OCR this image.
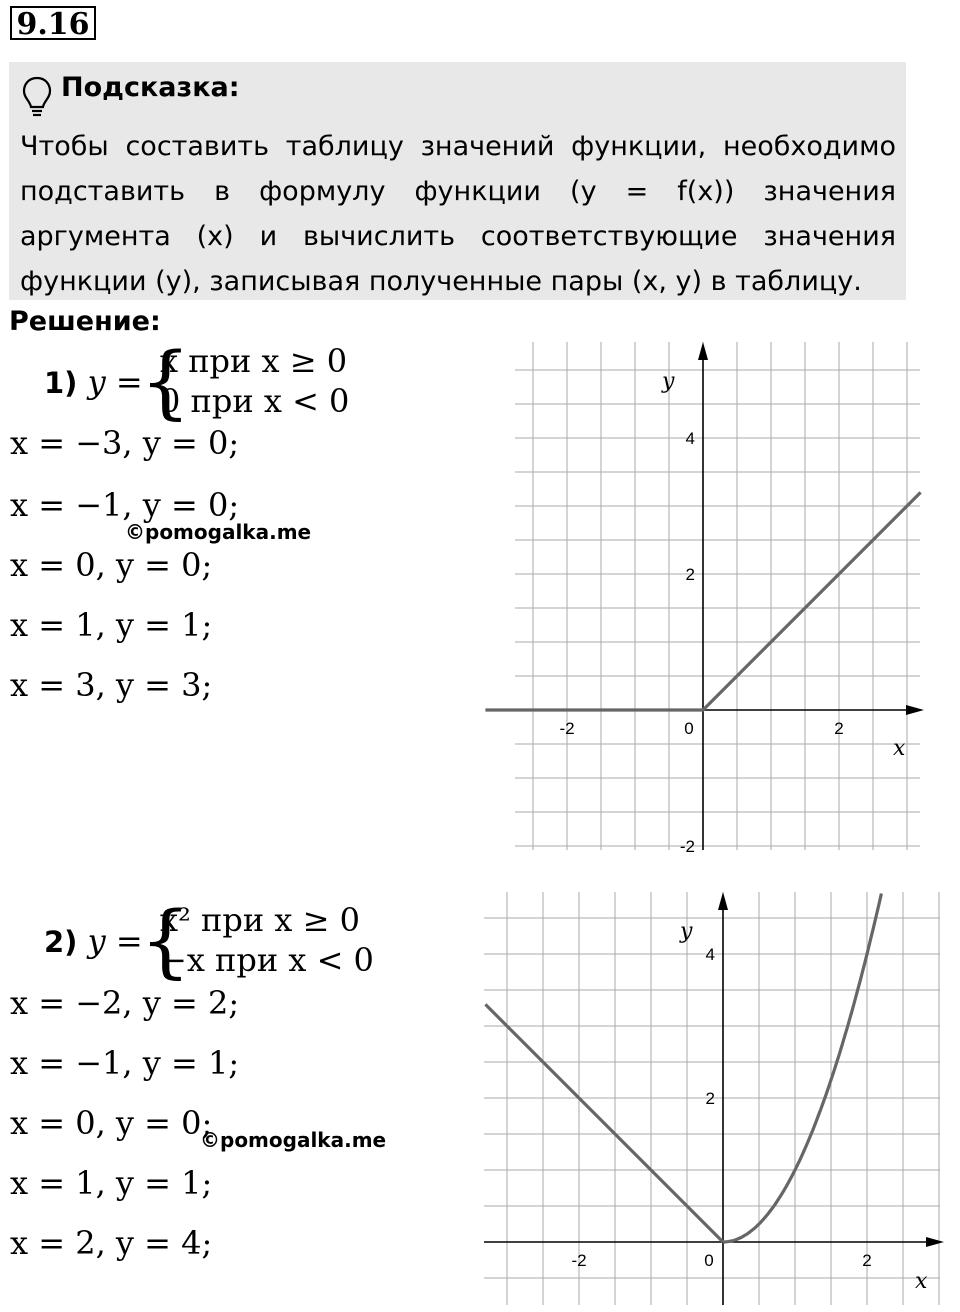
9.16
Подсказка:
Чтобы составить таблицу значений функции, необходимо подставить в формулу функции (y = f(x)) значения аргумента (x) и вычислить соответствующие значения функции (y), записывая полученные пары (x, y) в таблицу.
Решение:
1) y =
{
x при x ≥ 0
0 при x < 0
x = −3, y = 0;
x = −1, y = 0;
©pomogalka.me
x = 0, y = 0;
x = 1, y = 1;
x = 3, y = 3;
2) y =
{
x² при x ≥ 0
−x при x < 0
x = −2, y = 2;
x = −1, y = 1;
x = 0, y = 0;
©pomogalka.me
x = 1, y = 1;
x = 2, y = 4;
x
y
-2	0	2
4
2
-2
x
y
-2	0	2
4
2
